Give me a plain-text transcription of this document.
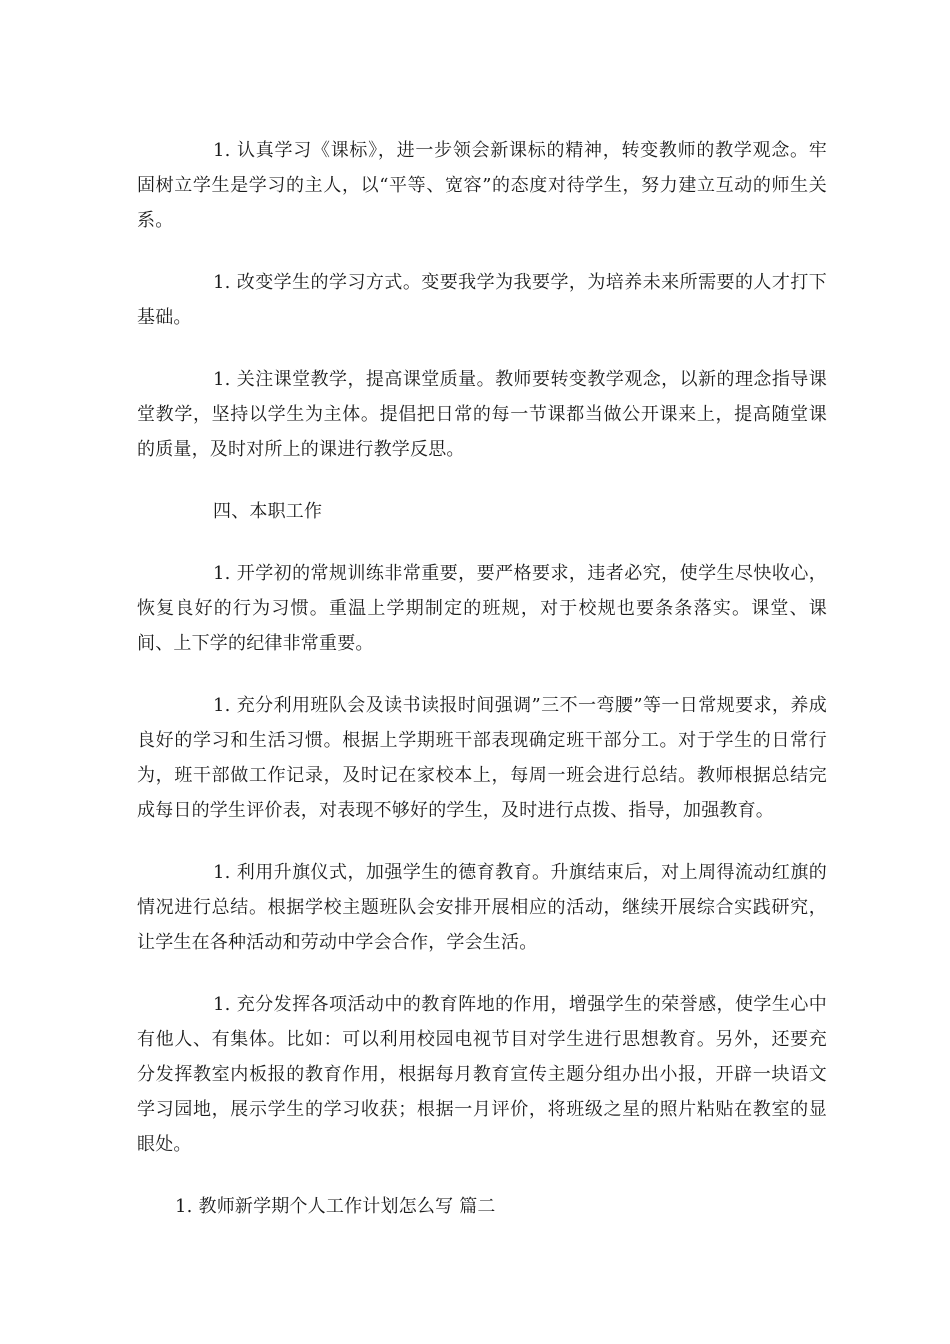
1. 认真学习《课标》，进一步领会新课标的精神，转变教师的教学观念。牢固树立学生是学习的主人，以“平等、宽容”的态度对待学生，努力建立互动的师生关系。

1. 改变学生的学习方式。变要我学为我要学，为培养未来所需要的人才打下基础。

1. 关注课堂教学，提高课堂质量。教师要转变教学观念，以新的理念指导课堂教学，坚持以学生为主体。提倡把日常的每一节课都当做公开课来上，提高随堂课的质量，及时对所上的课进行教学反思。

四、本职工作

1. 开学初的常规训练非常重要，要严格要求，违者必究，使学生尽快收心，恢复良好的行为习惯。重温上学期制定的班规，对于校规也要条条落实。课堂、课间、上下学的纪律非常重要。

1. 充分利用班队会及读书读报时间强调”三不一弯腰”等一日常规要求，养成良好的学习和生活习惯。根据上学期班干部表现确定班干部分工。对于学生的日常行为，班干部做工作记录，及时记在家校本上，每周一班会进行总结。教师根据总结完成每日的学生评价表，对表现不够好的学生，及时进行点拨、指导，加强教育。

1. 利用升旗仪式，加强学生的德育教育。升旗结束后，对上周得流动红旗的情况进行总结。根据学校主题班队会安排开展相应的活动，继续开展综合实践研究，让学生在各种活动和劳动中学会合作，学会生活。

1. 充分发挥各项活动中的教育阵地的作用，增强学生的荣誉感，使学生心中有他人、有集体。比如：可以利用校园电视节目对学生进行思想教育。另外，还要充分发挥教室内板报的教育作用，根据每月教育宣传主题分组办出小报，开辟一块语文学习园地，展示学生的学习收获；根据一月评价，将班级之星的照片粘贴在教室的显眼处。

1. 教师新学期个人工作计划怎么写 篇二
